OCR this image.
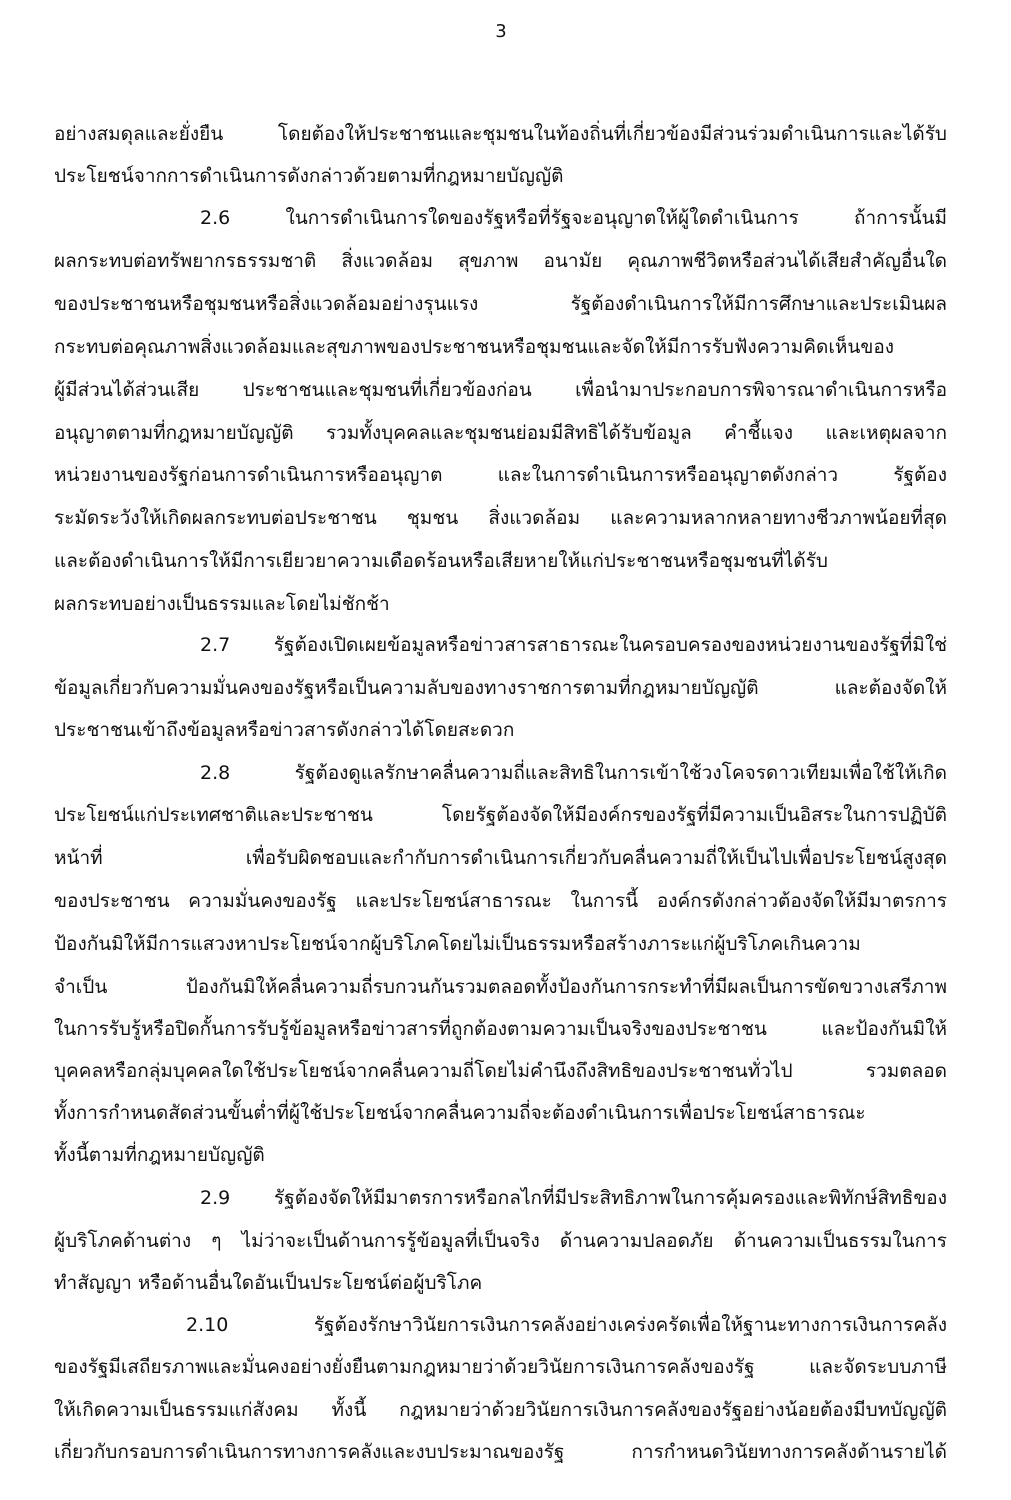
3
อย่างสมดุลและยั่งยืน โดยต้องให้ประชาชนและชุมชนในท้องถิ่นที่เกี่ยวข้องมีส่วนร่วมดำเนินการและได้รับ
ประโยชน์จากการดำเนินการดังกล่าวด้วยตามที่กฎหมายบัญญัติ
2.6 ในการดำเนินการใดของรัฐหรือที่รัฐจะอนุญาตให้ผู้ใดดำเนินการ ถ้าการนั้นมี
ผลกระทบต่อทรัพยากรธรรมชาติ สิ่งแวดล้อม สุขภาพ อนามัย คุณภาพชีวิตหรือส่วนได้เสียสำคัญอื่นใด
ของประชาชนหรือชุมชนหรือสิ่งแวดล้อมอย่างรุนแรง รัฐต้องดำเนินการให้มีการศึกษาและประเมินผล
กระทบต่อคุณภาพสิ่งแวดล้อมและสุขภาพของประชาชนหรือชุมชนและจัดให้มีการรับฟังความคิดเห็นของ
ผู้มีส่วนได้ส่วนเสีย ประชาชนและชุมชนที่เกี่ยวข้องก่อน เพื่อนำมาประกอบการพิจารณาดำเนินการหรือ
อนุญาตตามที่กฎหมายบัญญัติ รวมทั้งบุคคลและชุมชนย่อมมีสิทธิได้รับข้อมูล คำชี้แจง และเหตุผลจาก
หน่วยงานของรัฐก่อนการดำเนินการหรืออนุญาต และในการดำเนินการหรืออนุญาตดังกล่าว รัฐต้อง
ระมัดระวังให้เกิดผลกระทบต่อประชาชน ชุมชน สิ่งแวดล้อม และความหลากหลายทางชีวภาพน้อยที่สุด
และต้องดำเนินการให้มีการเยียวยาความเดือดร้อนหรือเสียหายให้แก่ประชาชนหรือชุมชนที่ได้รับ
ผลกระทบอย่างเป็นธรรมและโดยไม่ชักช้า
2.7 รัฐต้องเปิดเผยข้อมูลหรือข่าวสารสาธารณะในครอบครองของหน่วยงานของรัฐที่มิใช่
ข้อมูลเกี่ยวกับความมั่นคงของรัฐหรือเป็นความลับของทางราชการตามที่กฎหมายบัญญัติ และต้องจัดให้
ประชาชนเข้าถึงข้อมูลหรือข่าวสารดังกล่าวได้โดยสะดวก
2.8 รัฐต้องดูแลรักษาคลื่นความถี่และสิทธิในการเข้าใช้วงโคจรดาวเทียมเพื่อใช้ให้เกิด
ประโยชน์แก่ประเทศชาติและประชาชน โดยรัฐต้องจัดให้มีองค์กรของรัฐที่มีความเป็นอิสระในการปฏิบัติ
หน้าที่ เพื่อรับผิดชอบและกำกับการดำเนินการเกี่ยวกับคลื่นความถี่ให้เป็นไปเพื่อประโยชน์สูงสุด
ของประชาชน ความมั่นคงของรัฐ และประโยชน์สาธารณะ ในการนี้ องค์กรดังกล่าวต้องจัดให้มีมาตรการ
ป้องกันมิให้มีการแสวงหาประโยชน์จากผู้บริโภคโดยไม่เป็นธรรมหรือสร้างภาระแก่ผู้บริโภคเกินความ
จำเป็น ป้องกันมิให้คลื่นความถี่รบกวนกันรวมตลอดทั้งป้องกันการกระทำที่มีผลเป็นการขัดขวางเสรีภาพ
ในการรับรู้หรือปิดกั้นการรับรู้ข้อมูลหรือข่าวสารที่ถูกต้องตามความเป็นจริงของประชาชน และป้องกันมิให้
บุคคลหรือกลุ่มบุคคลใดใช้ประโยชน์จากคลื่นความถี่โดยไม่คำนึงถึงสิทธิของประชาชนทั่วไป รวมตลอด
ทั้งการกำหนดสัดส่วนขั้นต่ำที่ผู้ใช้ประโยชน์จากคลื่นความถี่จะต้องดำเนินการเพื่อประโยชน์สาธารณะ
ทั้งนี้ตามที่กฎหมายบัญญัติ
2.9 รัฐต้องจัดให้มีมาตรการหรือกลไกที่มีประสิทธิภาพในการคุ้มครองและพิทักษ์สิทธิของ
ผู้บริโภคด้านต่าง ๆ ไม่ว่าจะเป็นด้านการรู้ข้อมูลที่เป็นจริง ด้านความปลอดภัย ด้านความเป็นธรรมในการ
ทำสัญญา หรือด้านอื่นใดอันเป็นประโยชน์ต่อผู้บริโภค
2.10 รัฐต้องรักษาวินัยการเงินการคลังอย่างเคร่งครัดเพื่อให้ฐานะทางการเงินการคลัง
ของรัฐมีเสถียรภาพและมั่นคงอย่างยั่งยืนตามกฎหมายว่าด้วยวินัยการเงินการคลังของรัฐ และจัดระบบภาษี
ให้เกิดความเป็นธรรมแก่สังคม ทั้งนี้ กฎหมายว่าด้วยวินัยการเงินการคลังของรัฐอย่างน้อยต้องมีบทบัญญัติ
เกี่ยวกับกรอบการดำเนินการทางการคลังและงบประมาณของรัฐ การกำหนดวินัยทางการคลังด้านรายได้
